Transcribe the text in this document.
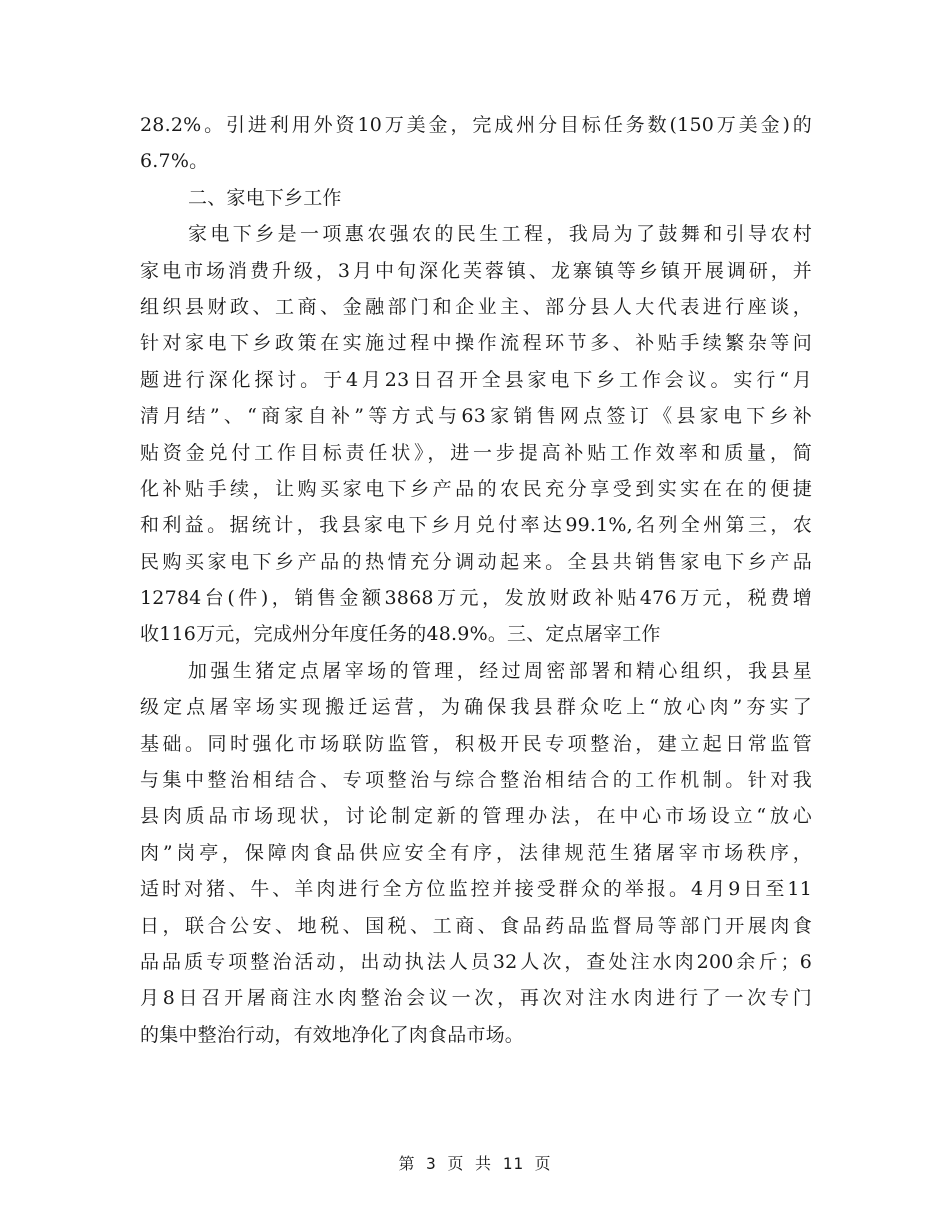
28.2%。引进利用外资10万美金，完成州分目标任务数(150万美金)的
6.7%。
二、家电下乡工作
家电下乡是一项惠农强农的民生工程，我局为了鼓舞和引导农村
家电市场消费升级，3月中旬深化芙蓉镇、龙寨镇等乡镇开展调研，并
组织县财政、工商、金融部门和企业主、部分县人大代表进行座谈，
针对家电下乡政策在实施过程中操作流程环节多、补贴手续繁杂等问
题进行深化探讨。于4月23日召开全县家电下乡工作会议。实行“月
清月结”、“商家自补”等方式与63家销售网点签订《县家电下乡补
贴资金兑付工作目标责任状》，进一步提高补贴工作效率和质量，简
化补贴手续，让购买家电下乡产品的农民充分享受到实实在在的便捷
和利益。据统计，我县家电下乡月兑付率达99.1%,名列全州第三，农
民购买家电下乡产品的热情充分调动起来。全县共销售家电下乡产品
12784台(件)，销售金额3868万元，发放财政补贴476万元，税费增
收116万元，完成州分年度任务的48.9%。三、定点屠宰工作
加强生猪定点屠宰场的管理，经过周密部署和精心组织，我县星
级定点屠宰场实现搬迁运营，为确保我县群众吃上“放心肉”夯实了
基础。同时强化市场联防监管，积极开民专项整治，建立起日常监管
与集中整治相结合、专项整治与综合整治相结合的工作机制。针对我
县肉质品市场现状，讨论制定新的管理办法，在中心市场设立“放心
肉”岗亭，保障肉食品供应安全有序，法律规范生猪屠宰市场秩序，
适时对猪、牛、羊肉进行全方位监控并接受群众的举报。4月9日至11
日，联合公安、地税、国税、工商、食品药品监督局等部门开展肉食
品品质专项整治活动，出动执法人员32人次，查处注水肉200余斤；6
月8日召开屠商注水肉整治会议一次，再次对注水肉进行了一次专门
的集中整治行动，有效地净化了肉食品市场。
第 3 页 共 11 页
